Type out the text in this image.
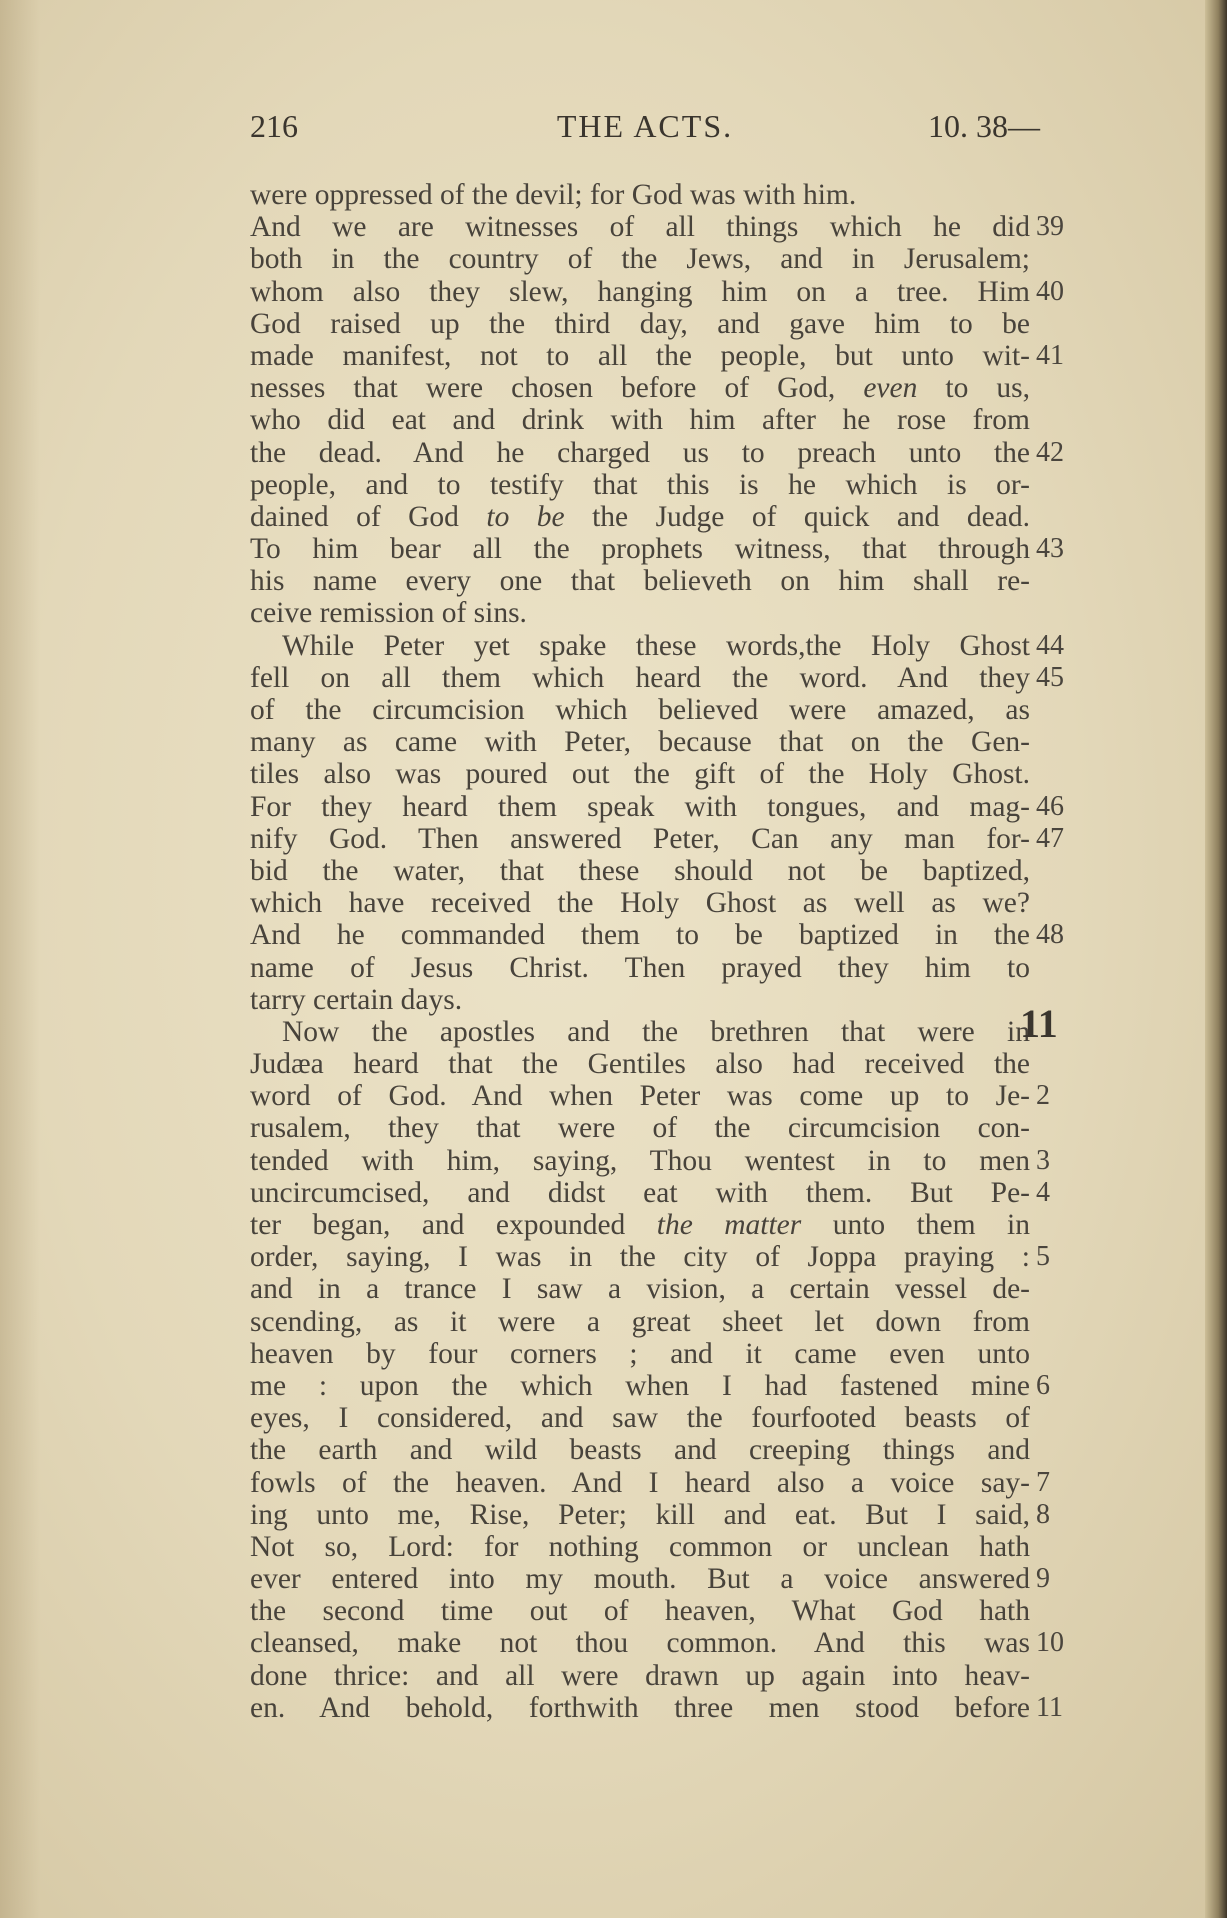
216	THE ACTS.	10. 38—
were oppressed of the devil; for God was with him.
And we are witnesses of all things which he did 39
both in the country of the Jews, and in Jerusalem;
whom also they slew, hanging him on a tree. Him 40
God raised up the third day, and gave him to be
made manifest, not to all the people, but unto wit- 41
nesses that were chosen before of God, even to us,
who did eat and drink with him after he rose from
the dead. And he charged us to preach unto the 42
people, and to testify that this is he which is or-
dained of God to be the Judge of quick and dead.
To him bear all the prophets witness, that through 43
his name every one that believeth on him shall re-
ceive remission of sins.
While Peter yet spake these words,the Holy Ghost 44
fell on all them which heard the word. And they 45
of the circumcision which believed were amazed, as
many as came with Peter, because that on the Gen-
tiles also was poured out the gift of the Holy Ghost.
For they heard them speak with tongues, and mag- 46
nify God. Then answered Peter, Can any man for- 47
bid the water, that these should not be baptized,
which have received the Holy Ghost as well as we?
And he commanded them to be baptized in the 48
name of Jesus Christ. Then prayed they him to
tarry certain days.
Now the apostles and the brethren that were in
11
Judæa heard that the Gentiles also had received the
word of God. And when Peter was come up to Je- 2
rusalem, they that were of the circumcision con-
tended with him, saying, Thou wentest in to men 3
uncircumcised, and didst eat with them. But Pe- 4
ter began, and expounded the matter unto them in
order, saying, I was in the city of Joppa praying : 5
and in a trance I saw a vision, a certain vessel de-
scending, as it were a great sheet let down from
heaven by four corners ; and it came even unto
me : upon the which when I had fastened mine 6
eyes, I considered, and saw the fourfooted beasts of
the earth and wild beasts and creeping things and
fowls of the heaven. And I heard also a voice say- 7
ing unto me, Rise, Peter; kill and eat. But I said, 8
Not so, Lord: for nothing common or unclean hath
ever entered into my mouth. But a voice answered 9
the second time out of heaven, What God hath
cleansed, make not thou common. And this was 10
done thrice: and all were drawn up again into heav-
en. And behold, forthwith three men stood before 11
